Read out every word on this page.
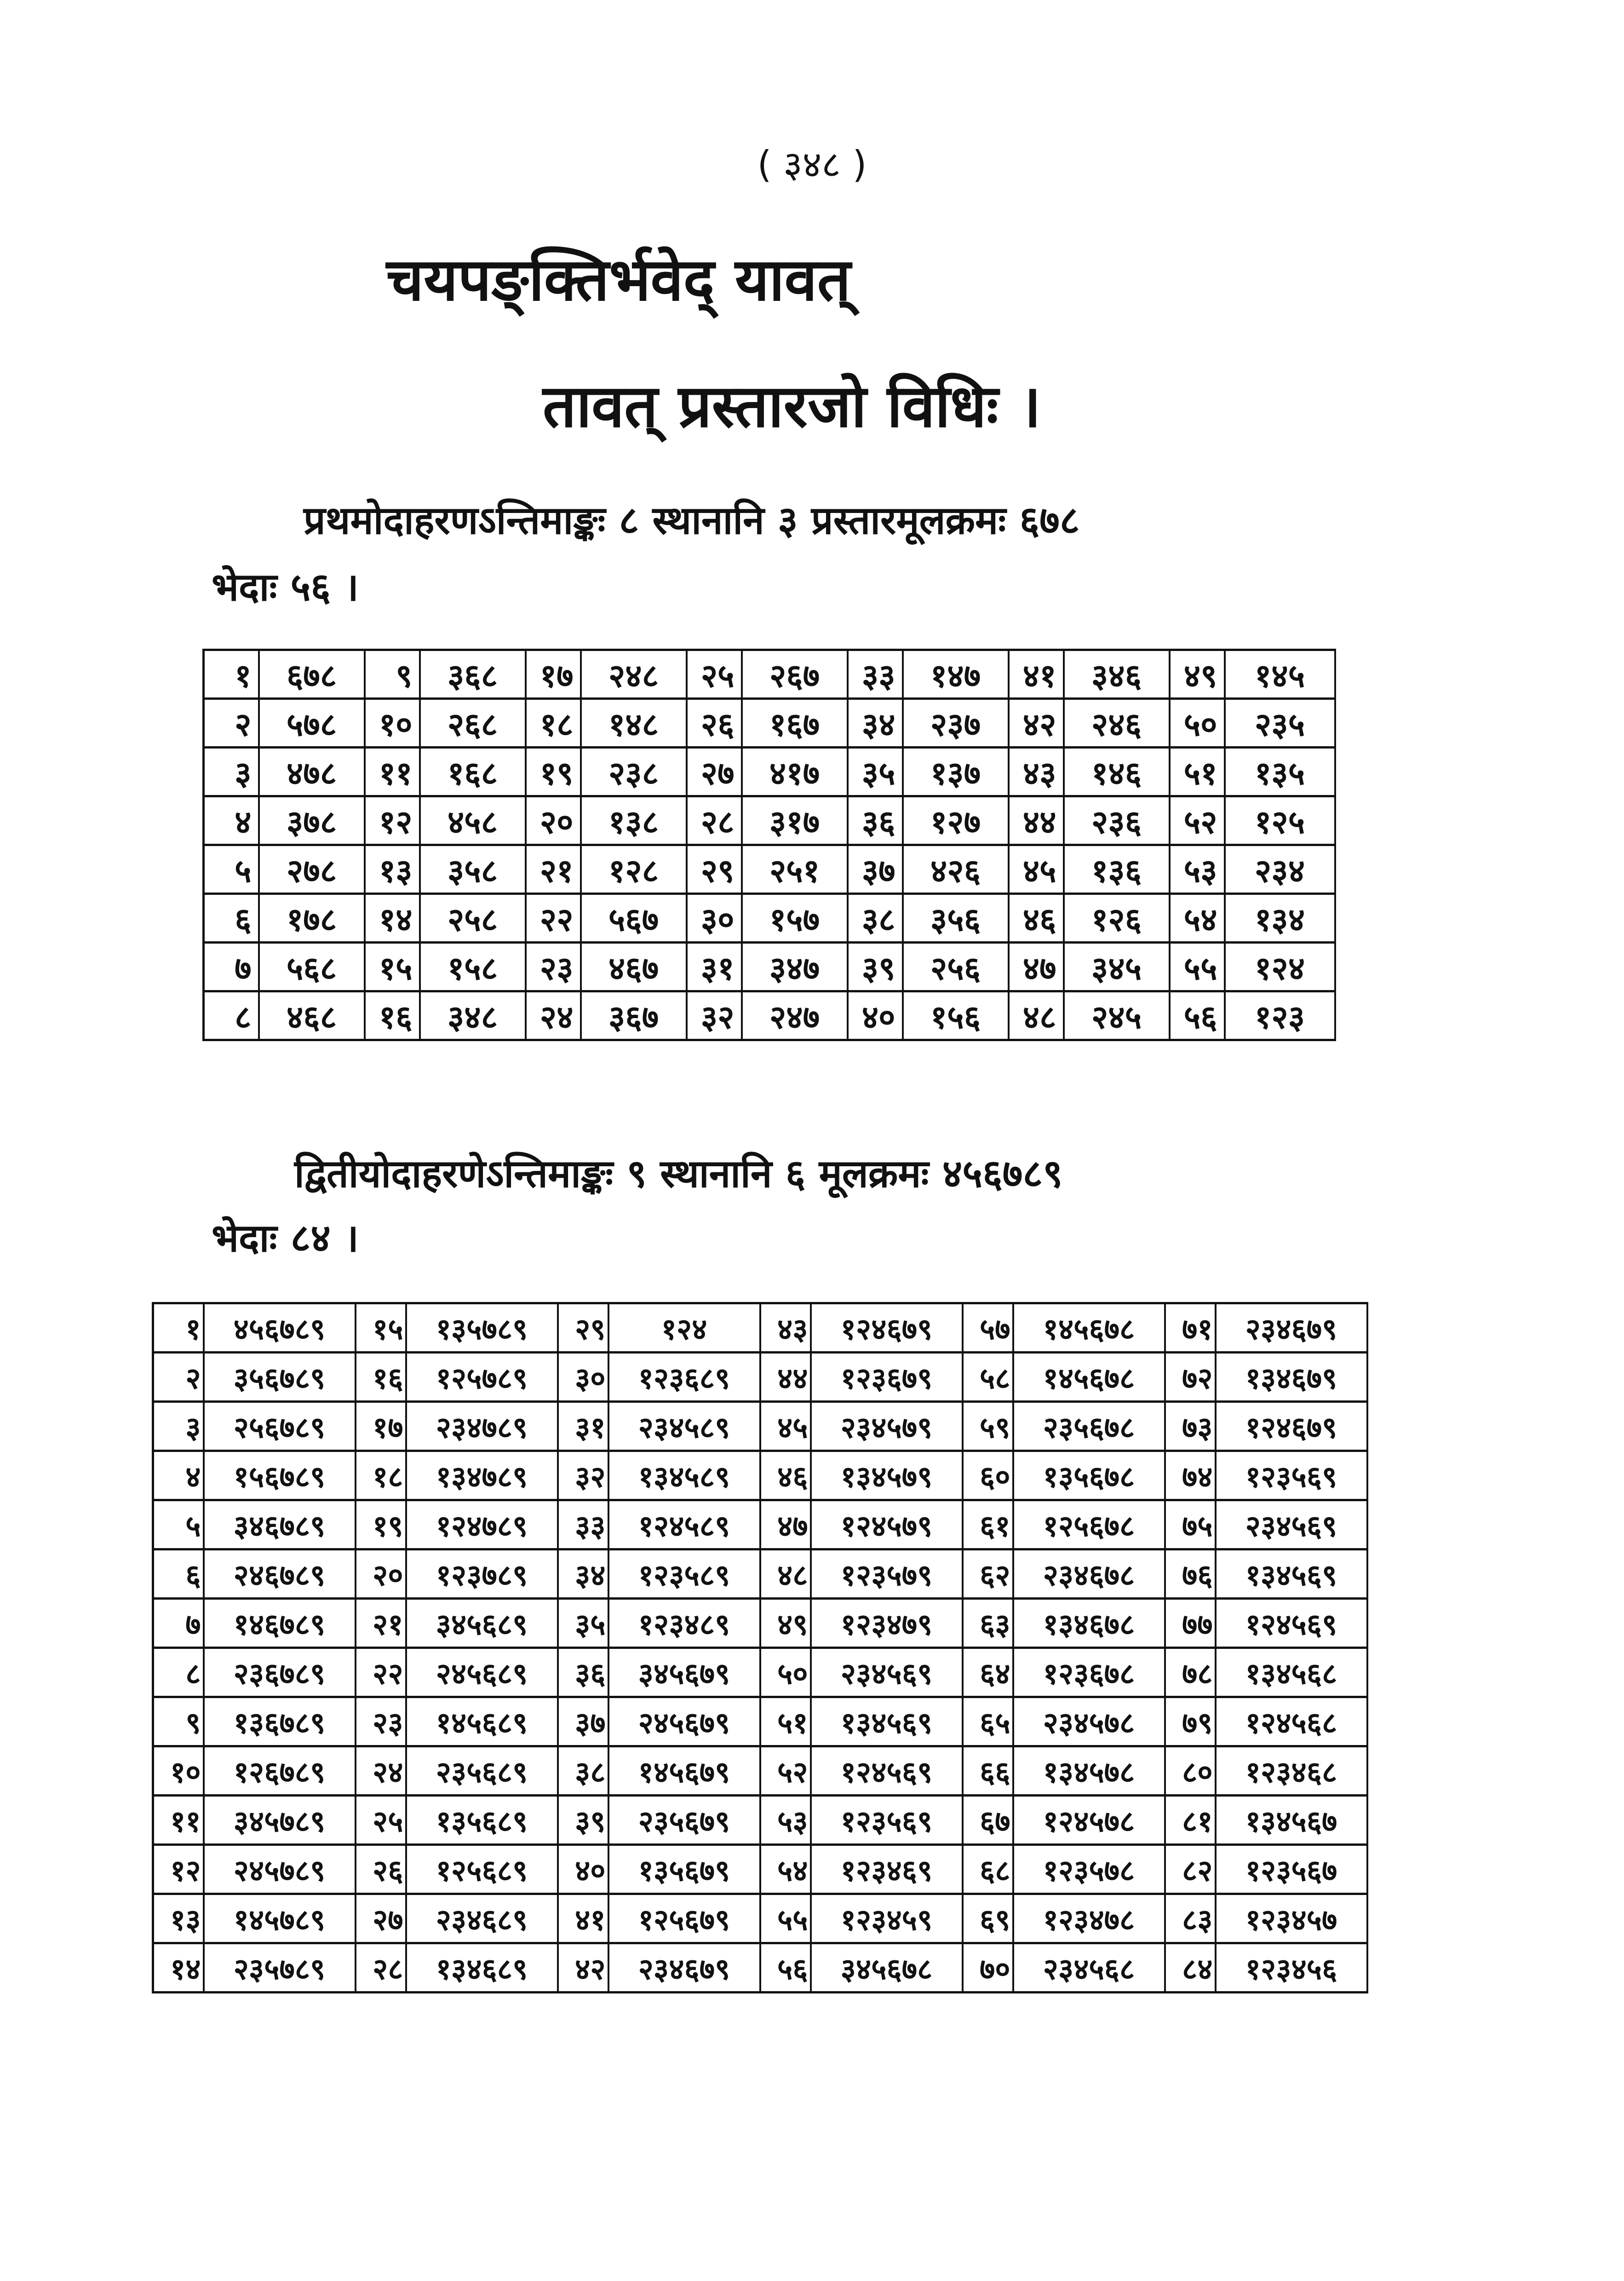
( ३४८ )
चयपङ्क्तिर्भवेद् यावत्
तावत् प्रस्तारजो विधिः ।
प्रथमोदाहरणऽन्तिमाङ्कः ८ स्थानानि ३ प्रस्तारमूलक्रमः ६७८
भेदाः ५६ ।
१	६७८	९	३६८	१७	२४८	२५	२६७	३३	१४७	४१	३४६	४९	१४५
२	५७८	१०	२६८	१८	१४८	२६	१६७	३४	२३७	४२	२४६	५०	२३५
३	४७८	११	१६८	१९	२३८	२७	४१७	३५	१३७	४३	१४६	५१	१३५
४	३७८	१२	४५८	२०	१३८	२८	३१७	३६	१२७	४४	२३६	५२	१२५
५	२७८	१३	३५८	२१	१२८	२९	२५१	३७	४२६	४५	१३६	५३	२३४
६	१७८	१४	२५८	२२	५६७	३०	१५७	३८	३५६	४६	१२६	५४	१३४
७	५६८	१५	१५८	२३	४६७	३१	३४७	३९	२५६	४७	३४५	५५	१२४
८	४६८	१६	३४८	२४	३६७	३२	२४७	४०	१५६	४८	२४५	५६	१२३
द्वितीयोदाहरणेऽन्तिमाङ्कः ९ स्थानानि ६ मूलक्रमः ४५६७८९
भेदाः ८४ ।
१	४५६७८९	१५	१३५७८९	२९	१२४	४३	१२४६७९	५७	१४५६७८	७१	२३४६७९
२	३५६७८९	१६	१२५७८९	३०	१२३६८९	४४	१२३६७९	५८	१४५६७८	७२	१३४६७९
३	२५६७८९	१७	२३४७८९	३१	२३४५८९	४५	२३४५७९	५९	२३५६७८	७३	१२४६७९
४	१५६७८९	१८	१३४७८९	३२	१३४५८९	४६	१३४५७९	६०	१३५६७८	७४	१२३५६९
५	३४६७८९	१९	१२४७८९	३३	१२४५८९	४७	१२४५७९	६१	१२५६७८	७५	२३४५६९
६	२४६७८९	२०	१२३७८९	३४	१२३५८९	४८	१२३५७९	६२	२३४६७८	७६	१३४५६९
७	१४६७८९	२१	३४५६८९	३५	१२३४८९	४९	१२३४७९	६३	१३४६७८	७७	१२४५६९
८	२३६७८९	२२	२४५६८९	३६	३४५६७९	५०	२३४५६९	६४	१२३६७८	७८	१३४५६८
९	१३६७८९	२३	१४५६८९	३७	२४५६७९	५१	१३४५६९	६५	२३४५७८	७९	१२४५६८
१०	१२६७८९	२४	२३५६८९	३८	१४५६७९	५२	१२४५६९	६६	१३४५७८	८०	१२३४६८
११	३४५७८९	२५	१३५६८९	३९	२३५६७९	५३	१२३५६९	६७	१२४५७८	८१	१३४५६७
१२	२४५७८९	२६	१२५६८९	४०	१३५६७९	५४	१२३४६९	६८	१२३५७८	८२	१२३५६७
१३	१४५७८९	२७	२३४६८९	४१	१२५६७९	५५	१२३४५९	६९	१२३४७८	८३	१२३४५७
१४	२३५७८९	२८	१३४६८९	४२	२३४६७९	५६	३४५६७८	७०	२३४५६८	८४	१२३४५६
